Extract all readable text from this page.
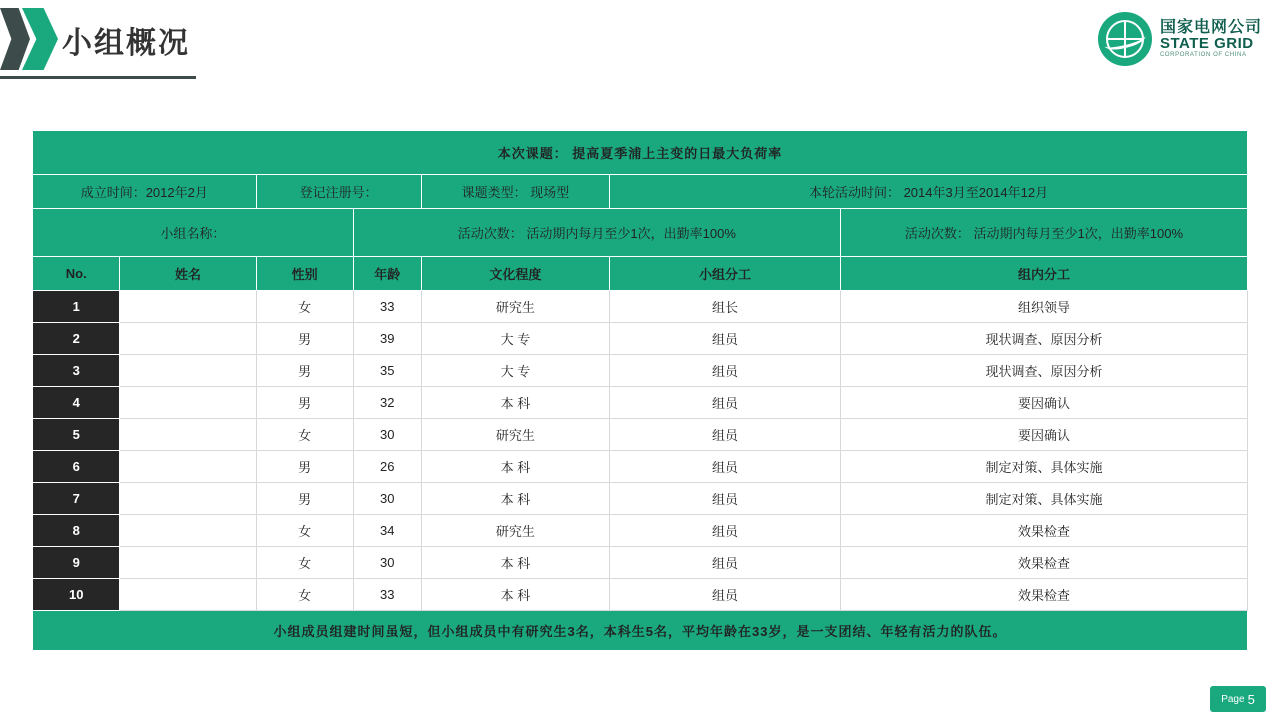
小组概况	国家电网公司
STATE GRID
CORPORATION OF CHINA
本次课题： 提高夏季浦上主变的日最大负荷率						
成立时间：2012年2月		登记注册号：		课题类型： 现场型	本轮活动时间： 2014年3月至2014年12月	
小组名称：			活动次数： 活动期内每月至少1次，出勤率100%			活动次数： 活动期内每月至少1次，出勤率100%
No.	姓名	性别	年龄	文化程度	小组分工	组内分工
1		女	33	研究生	组长	组织领导
2		男	39	大 专	组员	现状调查、原因分析
3		男	35	大 专	组员	现状调查、原因分析
4		男	32	本 科	组员	要因确认
5		女	30	研究生	组员	要因确认
6		男	26	本 科	组员	制定对策、具体实施
7		男	30	本 科	组员	制定对策、具体实施
8		女	34	研究生	组员	效果检查
9		女	30	本 科	组员	效果检查
10		女	33	本 科	组员	效果检查
小组成员组建时间虽短，但小组成员中有研究生3名，本科生5名，平均年龄在33岁，是一支团结、年轻有活力的队伍。						
Page 5
